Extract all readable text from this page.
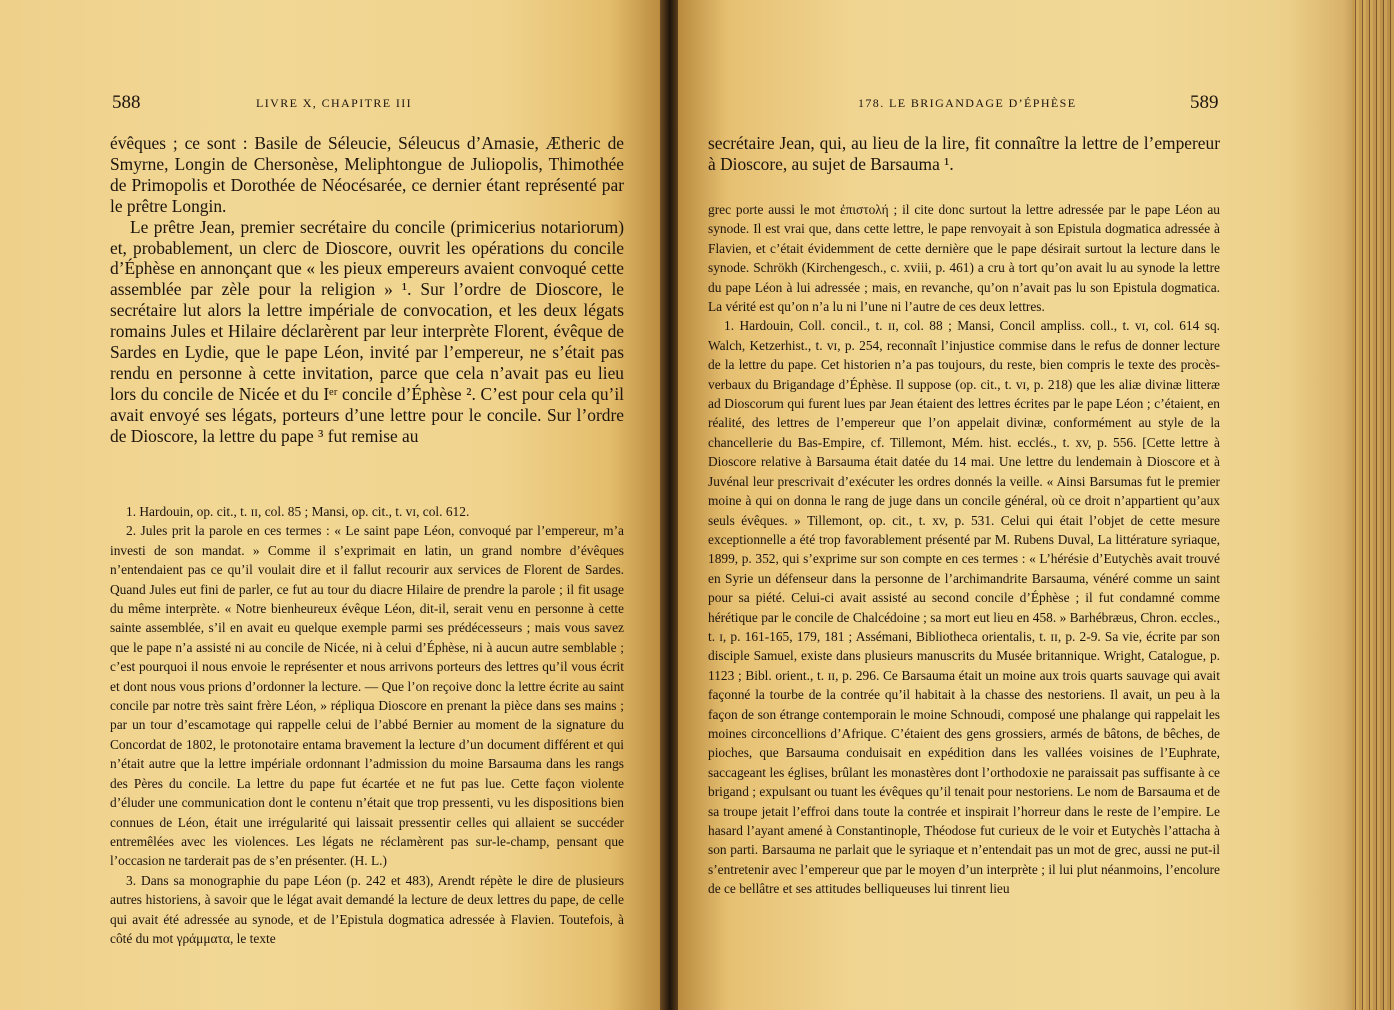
588	LIVRE X, CHAPITRE III

évêques ; ce sont : Basile de Séleucie, Séleucus d’Amasie, Ætheric de Smyrne, Longin de Chersonèse, Meliphtongue de Juliopolis, Thimothée de Primopolis et Dorothée de Néocésarée, ce dernier étant représenté par le prêtre Longin.

Le prêtre Jean, premier secrétaire du concile (primicerius notariorum) et, probablement, un clerc de Dioscore, ouvrit les opérations du concile d’Éphèse en annonçant que « les pieux empereurs avaient convoqué cette assemblée par zèle pour la religion » ¹. Sur l’ordre de Dioscore, le secrétaire lut alors la lettre impériale de convocation, et les deux légats romains Jules et Hilaire déclarèrent par leur interprète Florent, évêque de Sardes en Lydie, que le pape Léon, invité par l’empereur, ne s’était pas rendu en personne à cette invitation, parce que cela n’avait pas eu lieu lors du concile de Nicée et du Iᵉʳ concile d’Éphèse ². C’est pour cela qu’il avait envoyé ses légats, porteurs d’une lettre pour le concile. Sur l’ordre de Dioscore, la lettre du pape ³ fut remise au

1. Hardouin, op. cit., t. ɪɪ, col. 85 ; Mansi, op. cit., t. ᴠɪ, col. 612.

2. Jules prit la parole en ces termes : « Le saint pape Léon, convoqué par l’empereur, m’a investi de son mandat. » Comme il s’exprimait en latin, un grand nombre d’évêques n’entendaient pas ce qu’il voulait dire et il fallut recourir aux services de Florent de Sardes. Quand Jules eut fini de parler, ce fut au tour du diacre Hilaire de prendre la parole ; il fit usage du même interprète. « Notre bienheureux évêque Léon, dit-il, serait venu en personne à cette sainte assemblée, s’il en avait eu quelque exemple parmi ses prédécesseurs ; mais vous savez que le pape n’a assisté ni au concile de Nicée, ni à celui d’Éphèse, ni à aucun autre semblable ; c’est pourquoi il nous envoie le représenter et nous arrivons porteurs des lettres qu’il vous écrit et dont nous vous prions d’ordonner la lecture. — Que l’on reçoive donc la lettre écrite au saint concile par notre très saint frère Léon, » répliqua Dioscore en prenant la pièce dans ses mains ; par un tour d’escamotage qui rappelle celui de l’abbé Bernier au moment de la signature du Concordat de 1802, le protonotaire entama bravement la lecture d’un document différent et qui n’était autre que la lettre impériale ordonnant l’admission du moine Barsauma dans les rangs des Pères du concile. La lettre du pape fut écartée et ne fut pas lue. Cette façon violente d’éluder une communication dont le contenu n’était que trop pressenti, vu les dispositions bien connues de Léon, était une irrégularité qui laissait pressentir celles qui allaient se succéder entremêlées avec les violences. Les légats ne réclamèrent pas sur-le-champ, pensant que l’occasion ne tarderait pas de s’en présenter. (H. L.)

3. Dans sa monographie du pape Léon (p. 242 et 483), Arendt répète le dire de plusieurs autres historiens, à savoir que le légat avait demandé la lecture de deux lettres du pape, de celle qui avait été adressée au synode, et de l’Epistula dogmatica adressée à Flavien. Toutefois, à côté du mot γράμματα, le texte

178. LE BRIGANDAGE D’ÉPHÈSE	589

secrétaire Jean, qui, au lieu de la lire, fit connaître la lettre de l’empereur à Dioscore, au sujet de Barsauma ¹.

grec porte aussi le mot ἐπιστολή ; il cite donc surtout la lettre adressée par le pape Léon au synode. Il est vrai que, dans cette lettre, le pape renvoyait à son Epistula dogmatica adressée à Flavien, et c’était évidemment de cette dernière que le pape désirait surtout la lecture dans le synode. Schrökh (Kirchengesch., c. xviii, p. 461) a cru à tort qu’on avait lu au synode la lettre du pape Léon à lui adressée ; mais, en revanche, qu’on n’avait pas lu son Epistula dogmatica. La vérité est qu’on n’a lu ni l’une ni l’autre de ces deux lettres.

1. Hardouin, Coll. concil., t. ɪɪ, col. 88 ; Mansi, Concil ampliss. coll., t. ᴠɪ, col. 614 sq. Walch, Ketzerhist., t. ᴠɪ, p. 254, reconnaît l’injustice commise dans le refus de donner lecture de la lettre du pape. Cet historien n’a pas toujours, du reste, bien compris le texte des procès-verbaux du Brigandage d’Éphèse. Il suppose (op. cit., t. ᴠɪ, p. 218) que les aliæ divinæ litteræ ad Dioscorum qui furent lues par Jean étaient des lettres écrites par le pape Léon ; c’étaient, en réalité, des lettres de l’empereur que l’on appelait divinæ, conformément au style de la chancellerie du Bas-Empire, cf. Tillemont, Mém. hist. ecclés., t. xv, p. 556. [Cette lettre à Dioscore relative à Barsauma était datée du 14 mai. Une lettre du lendemain à Dioscore et à Juvénal leur prescrivait d’exécuter les ordres donnés la veille. « Ainsi Barsumas fut le premier moine à qui on donna le rang de juge dans un concile général, où ce droit n’appartient qu’aux seuls évêques. » Tillemont, op. cit., t. xv, p. 531. Celui qui était l’objet de cette mesure exceptionnelle a été trop favorablement présenté par M. Rubens Duval, La littérature syriaque, 1899, p. 352, qui s’exprime sur son compte en ces termes : « L’hérésie d’Eutychès avait trouvé en Syrie un défenseur dans la personne de l’archimandrite Barsauma, vénéré comme un saint pour sa piété. Celui-ci avait assisté au second concile d’Éphèse ; il fut condamné comme hérétique par le concile de Chalcédoine ; sa mort eut lieu en 458. » Barhébræus, Chron. eccles., t. ɪ, p. 161-165, 179, 181 ; Assémani, Bibliotheca orientalis, t. ɪɪ, p. 2-9. Sa vie, écrite par son disciple Samuel, existe dans plusieurs manuscrits du Musée britannique. Wright, Catalogue, p. 1123 ; Bibl. orient., t. ɪɪ, p. 296. Ce Barsauma était un moine aux trois quarts sauvage qui avait façonné la tourbe de la contrée qu’il habitait à la chasse des nestoriens. Il avait, un peu à la façon de son étrange contemporain le moine Schnoudi, composé une phalange qui rappelait les moines circoncellions d’Afrique. C’étaient des gens grossiers, armés de bâtons, de bêches, de pioches, que Barsauma conduisait en expédition dans les vallées voisines de l’Euphrate, saccageant les églises, brûlant les monastères dont l’orthodoxie ne paraissait pas suffisante à ce brigand ; expulsant ou tuant les évêques qu’il tenait pour nestoriens. Le nom de Barsauma et de sa troupe jetait l’effroi dans toute la contrée et inspirait l’horreur dans le reste de l’empire. Le hasard l’ayant amené à Constantinople, Théodose fut curieux de le voir et Eutychès l’attacha à son parti. Barsauma ne parlait que le syriaque et n’entendait pas un mot de grec, aussi ne put-il s’entretenir avec l’empereur que par le moyen d’un interprète ; il lui plut néanmoins, l’encolure de ce bellâtre et ses attitudes belliqueuses lui tinrent lieu
